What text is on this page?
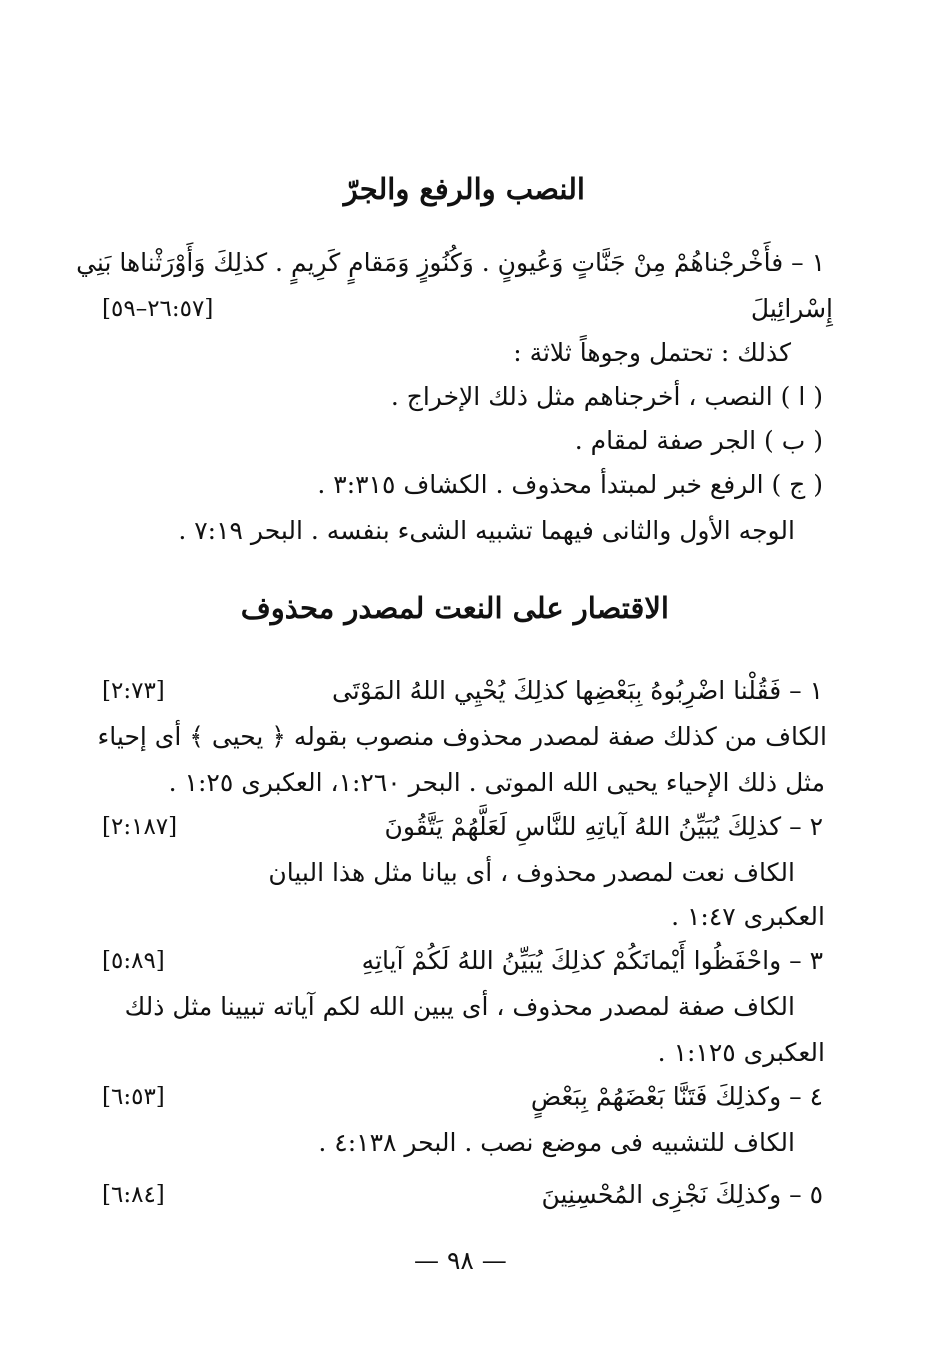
النصب والرفع والجرّ
١ – فأَخْرجْناهُمْ مِنْ جَنَّاتٍ وَعُيونٍ . وَكُنُوزٍ وَمَقامٍ كَرِيمٍ . كذلِكَ وَأَوْرَثْناها بَنِي
إِسْرائِيلَ
[٢٦:٥٧–٥٩]
كذلك : تحتمل وجوهاً ثلاثة :
( ا ) النصب ، أخرجناهم مثل ذلك الإخراج .
( ب ) الجر صفة لمقام .
( ج ) الرفع خبر لمبتدأ محذوف . الكشاف ٣:٣١٥ .
الوجه الأول والثانى فيهما تشبيه الشىء بنفسه . البحر ٧:١٩ .
الاقتصار على النعت لمصدر محذوف
١ – فَقُلْنا اضْرِبُوهُ بِبَعْضِها كذلِكَ يُحْيِي اللهُ المَوْتَى
[٢:٧٣]
الكاف من كذلك صفة لمصدر محذوف منصوب بقوله ﴿ يحيى ﴾ أى إحياء
مثل ذلك الإحياء يحيى الله الموتى . البحر ١:٢٦٠، العكبرى ١:٢٥ .
٢ – كذلِكَ يُبَيِّنُ اللهُ آياتِهِ للنَّاسِ لَعَلَّهُمْ يَتَّقُونَ
[٢:١٨٧]
الكاف نعت لمصدر محذوف ، أى بيانا مثل هذا البيان
العكبرى ١:٤٧ .
٣ – واحْفَظُوا أَيْمانَكُمْ كذلِكَ يُبَيِّنُ اللهُ لَكُمْ آياتِهِ
[٥:٨٩]
الكاف صفة لمصدر محذوف ، أى يبين الله لكم آياته تبيينا مثل ذلك
العكبرى ١:١٢٥ .
٤ – وكذلِكَ فَتَنَّا بَعْضَهُمْ بِبَعْضٍ
[٦:٥٣]
الكاف للتشبيه فى موضع نصب . البحر ٤:١٣٨ .
٥ – وكذلِكَ نَجْزِى المُحْسِنِينَ
[٦:٨٤]
— ٩٨ —
